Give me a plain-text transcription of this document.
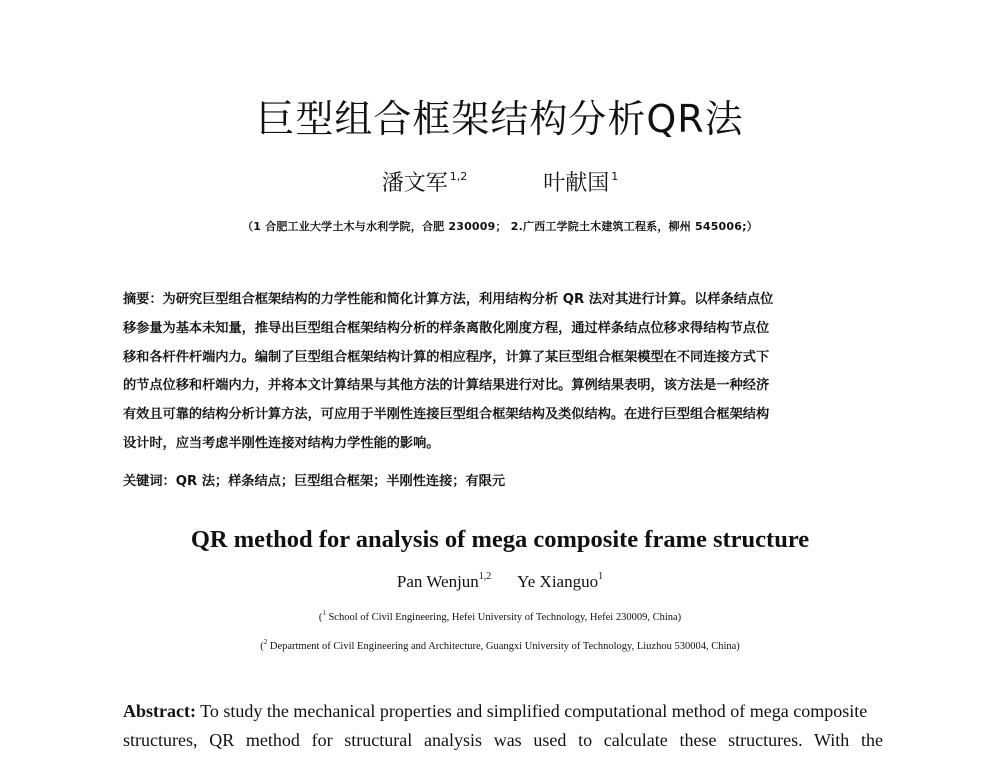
巨型组合框架结构分析QR法
潘文军 $^{1,2}$	叶献国 $^1$
（1 合肥工业大学土木与水利学院，合肥 230009； 2.广西工学院土木建筑工程系，柳州 545006;）
摘要：为研究巨型组合框架结构的力学性能和简化计算方法，利用结构分析 QR 法对其进行计算。以样条结点位
移参量为基本未知量，推导出巨型组合框架结构分析的样条离散化刚度方程，通过样条结点位移求得结构节点位
移和各杆件杆端内力。编制了巨型组合框架结构计算的相应程序，计算了某巨型组合框架模型在不同连接方式下
的节点位移和杆端内力，并将本文计算结果与其他方法的计算结果进行对比。算例结果表明，该方法是一种经济
有效且可靠的结构分析计算方法，可应用于半刚性连接巨型组合框架结构及类似结构。在进行巨型组合框架结构
设计时，应当考虑半刚性连接对结构力学性能的影响。
关键词：QR 法；样条结点；巨型组合框架；半刚性连接；有限元
QR method for analysis of mega composite frame structure
Pan Wenjun$^{1,2}$ Ye Xianguo$^1$
($^1$ School of Civil Engineering, Hefei University of Technology, Hefei 230009, China)
($^2$ Department of Civil Engineering and Architecture, Guangxi University of Technology, Liuzhou 530004, China)
Abstract: To study the mechanical properties and simplified computational method of mega composite
structures, QR method for structural analysis was used to calculate these structures. With the
